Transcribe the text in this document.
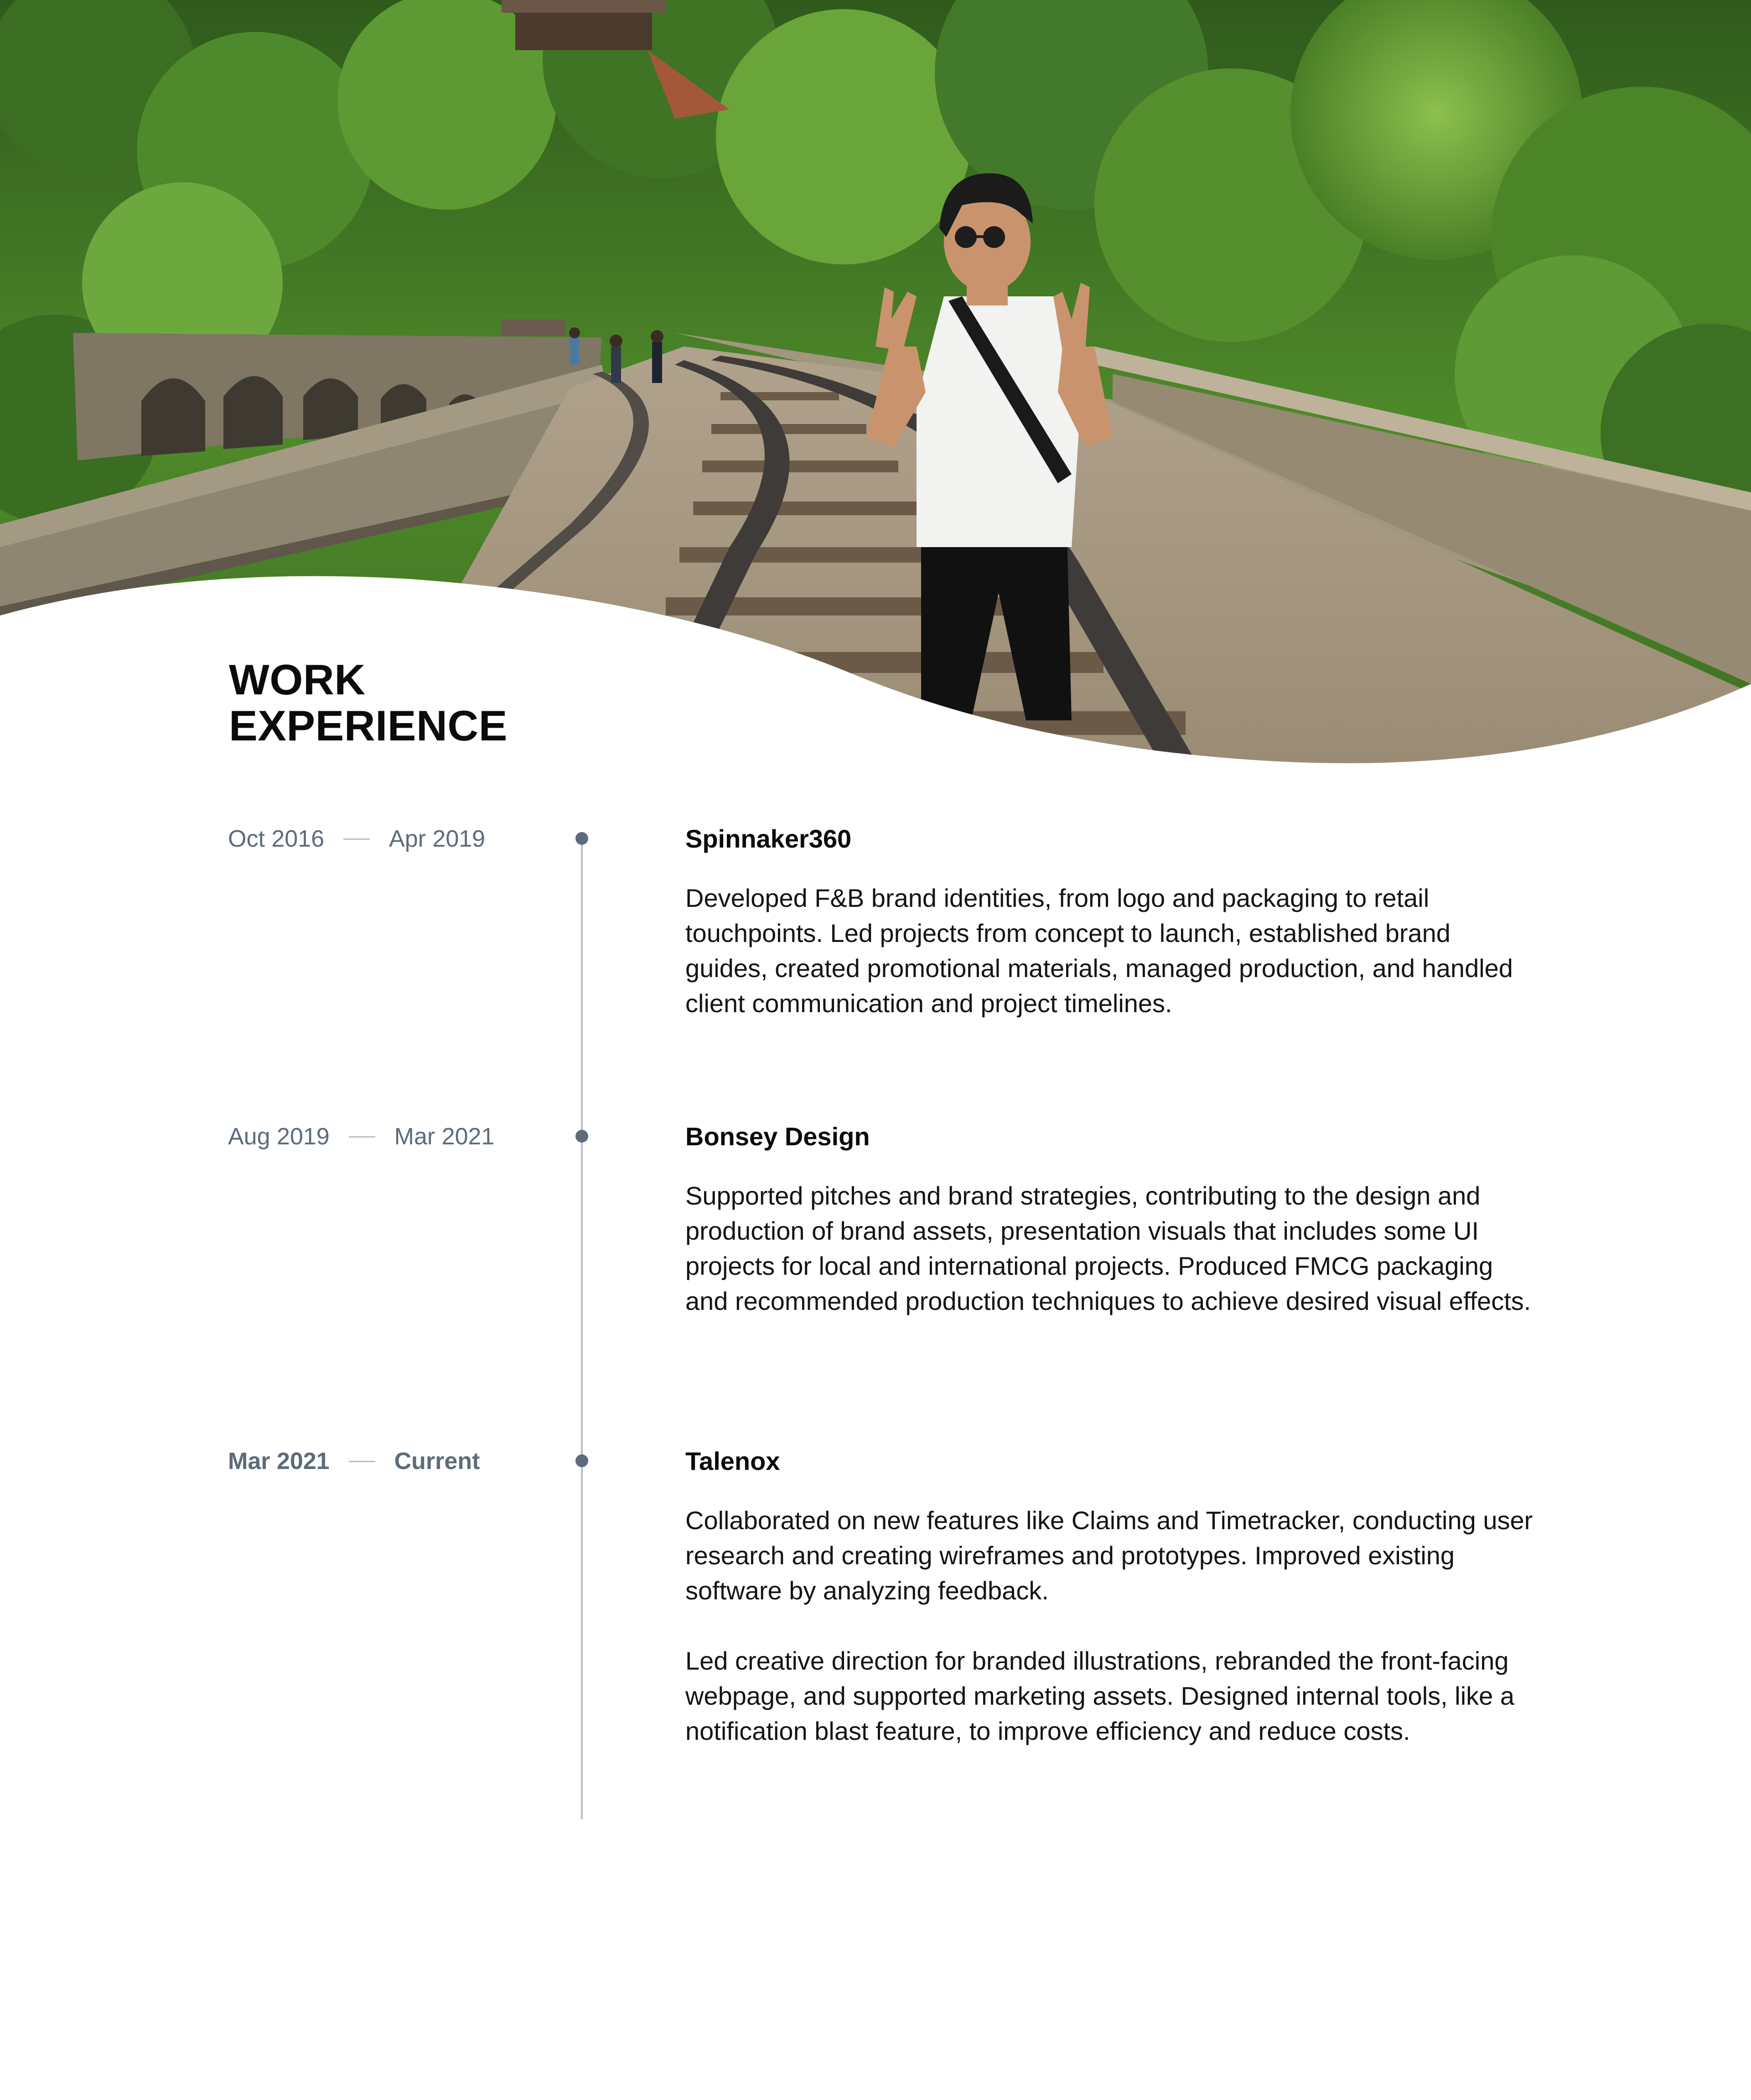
WORK
EXPERIENCE
Oct 2016	Apr 2019	Spinnaker360

Developed F&B brand identities, from logo and packaging to retail touchpoints. Led projects from concept to launch, established brand guides, created promotional materials, managed production, and handled client communication and project timelines.

Aug 2019	Mar 2021	Bonsey Design

Supported pitches and brand strategies, contributing to the design and production of brand assets, presentation visuals that includes some UI projects for local and international projects. Produced FMCG packaging and recommended production techniques to achieve desired visual effects.

Mar 2021	Current	Talenox

Collaborated on new features like Claims and Timetracker, conducting user research and creating wireframes and prototypes. Improved existing software by analyzing feedback.

Led creative direction for branded illustrations, rebranded the front-facing webpage, and supported marketing assets. Designed internal tools, like a notification blast feature, to improve efficiency and reduce costs.
